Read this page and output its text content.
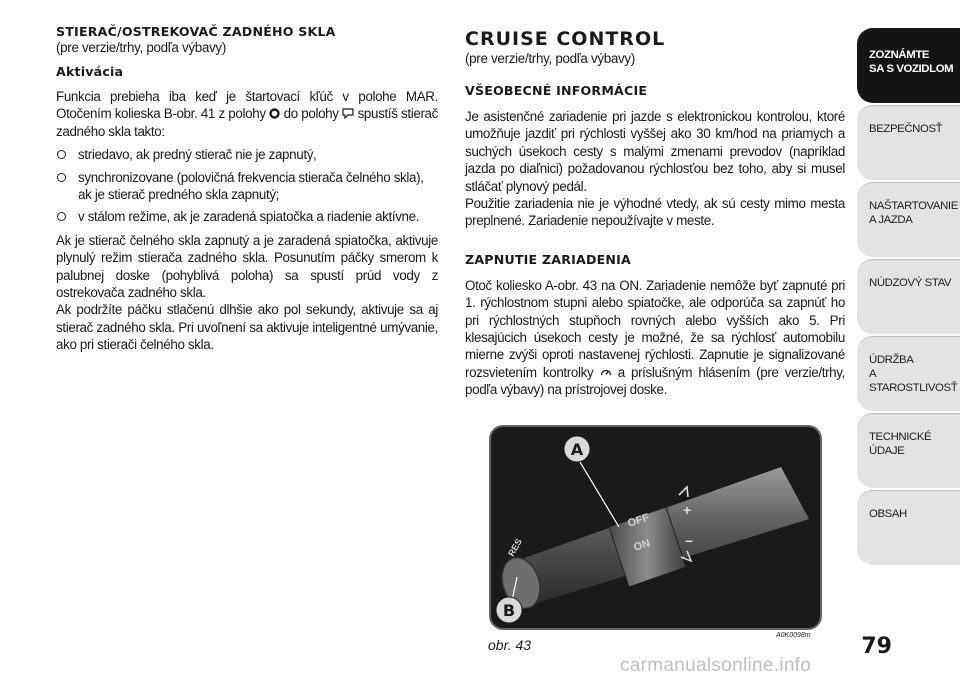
STIERAČ/OSTREKOVAČ ZADNÉHO SKLA

(pre verzie/trhy, podľa výbavy)

Aktivácia

Funkcia prebieha iba keď je štartovací kľúč v polohe MAR. Otočením kolieska B-obr. 41 z polohy do polohy spustíš stierač zadného skla takto:

striedavo, ak predný stierač nie je zapnutý,
synchronizovane (polovičná frekvencia stierača čelného skla), ak je stierač predného skla zapnutý;
v stálom režime, ak je zaradená spiatočka a riadenie aktívne.

Ak je stierač čelného skla zapnutý a je zaradená spiatočka, aktivuje plynulý režim stierača zadného skla. Posunutím páčky smerom k palubnej doske (pohyblivá poloha) sa spustí prúd vody z ostrekovača zadného skla.

Ak podržíte páčku stlačenú dlhšie ako pol sekundy, aktivuje sa aj stierač zadného skla. Pri uvoľnení sa aktivuje inteligentné umývanie, ako pri stierači čelného skla.

CRUISE CONTROL

(pre verzie/trhy, podľa výbavy)

VŠEOBECNÉ INFORMÁCIE

Je asistenčné zariadenie pri jazde s elektronickou kontrolou, ktoré umožňuje jazdiť pri rýchlosti vyššej ako 30 km/hod na priamych a suchých úsekoch cesty s malými zmenami prevodov (napríklad jazda po diaľnici) požadovanou rýchlosťou bez toho, aby si musel stláčať plynový pedál.

Použitie zariadenia nie je výhodné vtedy, ak sú cesty mimo mesta preplnené. Zariadenie nepoužívajte v meste.

ZAPNUTIE ZARIADENIA

Otoč koliesko A-obr. 43 na ON. Zariadenie nemôže byť zapnuté pri 1. rýchlostnom stupni alebo spiatočke, ale odporúča sa zapnúť ho pri rýchlostných stupňoch rovných alebo vyšších ako 5. Pri klesajúcich úsekoch cesty je možné, že sa rýchlosť automobilu mierne zvýši oproti nastavenej rýchlosti. Zapnutie je signalizované rozsvietením kontrolky a príslušným hlásením (pre verzie/trhy, podľa výbavy) na prístrojovej doske.

OFF
ON
RES
+
–
A
B
obr. 43
A0K0098m
ZOZNÁMTE
SA S VOZIDLOM
BEZPEČNOSŤ
NAŠTARTOVANIE
A JAZDA
NÚDZOVÝ STAV
ÚDRŽBA
A STAROSTLIVOSŤ
TECHNICKÉ
ÚDAJE
OBSAH
79
carmanualsonline.info
